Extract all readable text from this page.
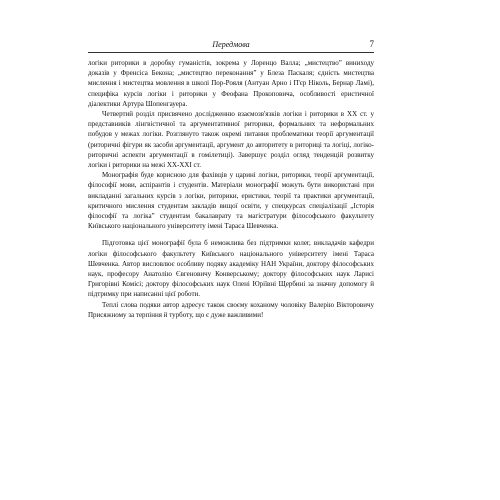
Передмова	7

логіки риторики в доробку гуманістів, зокрема у Лоренцо Валла; „мистецтво” виниходу доказів у Френсіса Бекона; „мистецтво переконання” у Блеза Паскаля; єдність мистецтва мислення і мистецтва мовлення в школі Пор-Рояля (Антуан Арно і П'єр Ніколь, Бернар Ламі), специфіка курсів логіки і риторики у Феофана Прокоповича, особливості еристичної діалектики Артура Шопенгауера.

Четвертий розділ присвячено дослідженню взаємозв'язків логіки і риторики в ХХ ст. у представників лінгвістичної та аргументативної риторики, формальних та неформальних побудов у межах логіки. Розглянуто також окремі питання проблематики теорії аргументації (риторичні фігури як засоби аргументації, аргумент до авторитету в риториці та логіці, логіко-риторичні аспекти аргументації в гомілетиці). Завершує розділ огляд тенденцій розвитку логіки і риторики на межі ХХ-ХХІ ст.

Монографія буде корисною для фахівців у царині логіки, риторики, теорії аргументації, філософії мови, аспірантів і студентів. Матеріали монографії можуть бути використані при викладанні загальних курсів з логіки, риторики, еристики, теорії та практики аргументації, критичного мислення студентам закладів вищої освіти, у спецкурсах спеціалізації „Історія філософії та логіка” студентам бакалаврату та магістратури філософського факультету Київського національного університету імені Тараса Шевченка.

Підготовка цієї монографії була б неможлива без підтримки колег, викладачів кафедри логіки філософського факультету Київського національного університету імені Тараса Шевченка. Автор висловлює особливу подяку академіку НАН України, доктору філософських наук, професору Анатолію Євгеновичу Конверському; доктору філософських наук Ларисі Григорівні Комісі; доктору філософських наук Олені Юріївні Щербині за значну допомогу й підтримку при написанні цієї роботи.

Теплі слова подяки автор адресує також своєму коханому чоловіку Валерію Вікторовичу Присяжному за терпіння й турботу, що є дуже важливими!
